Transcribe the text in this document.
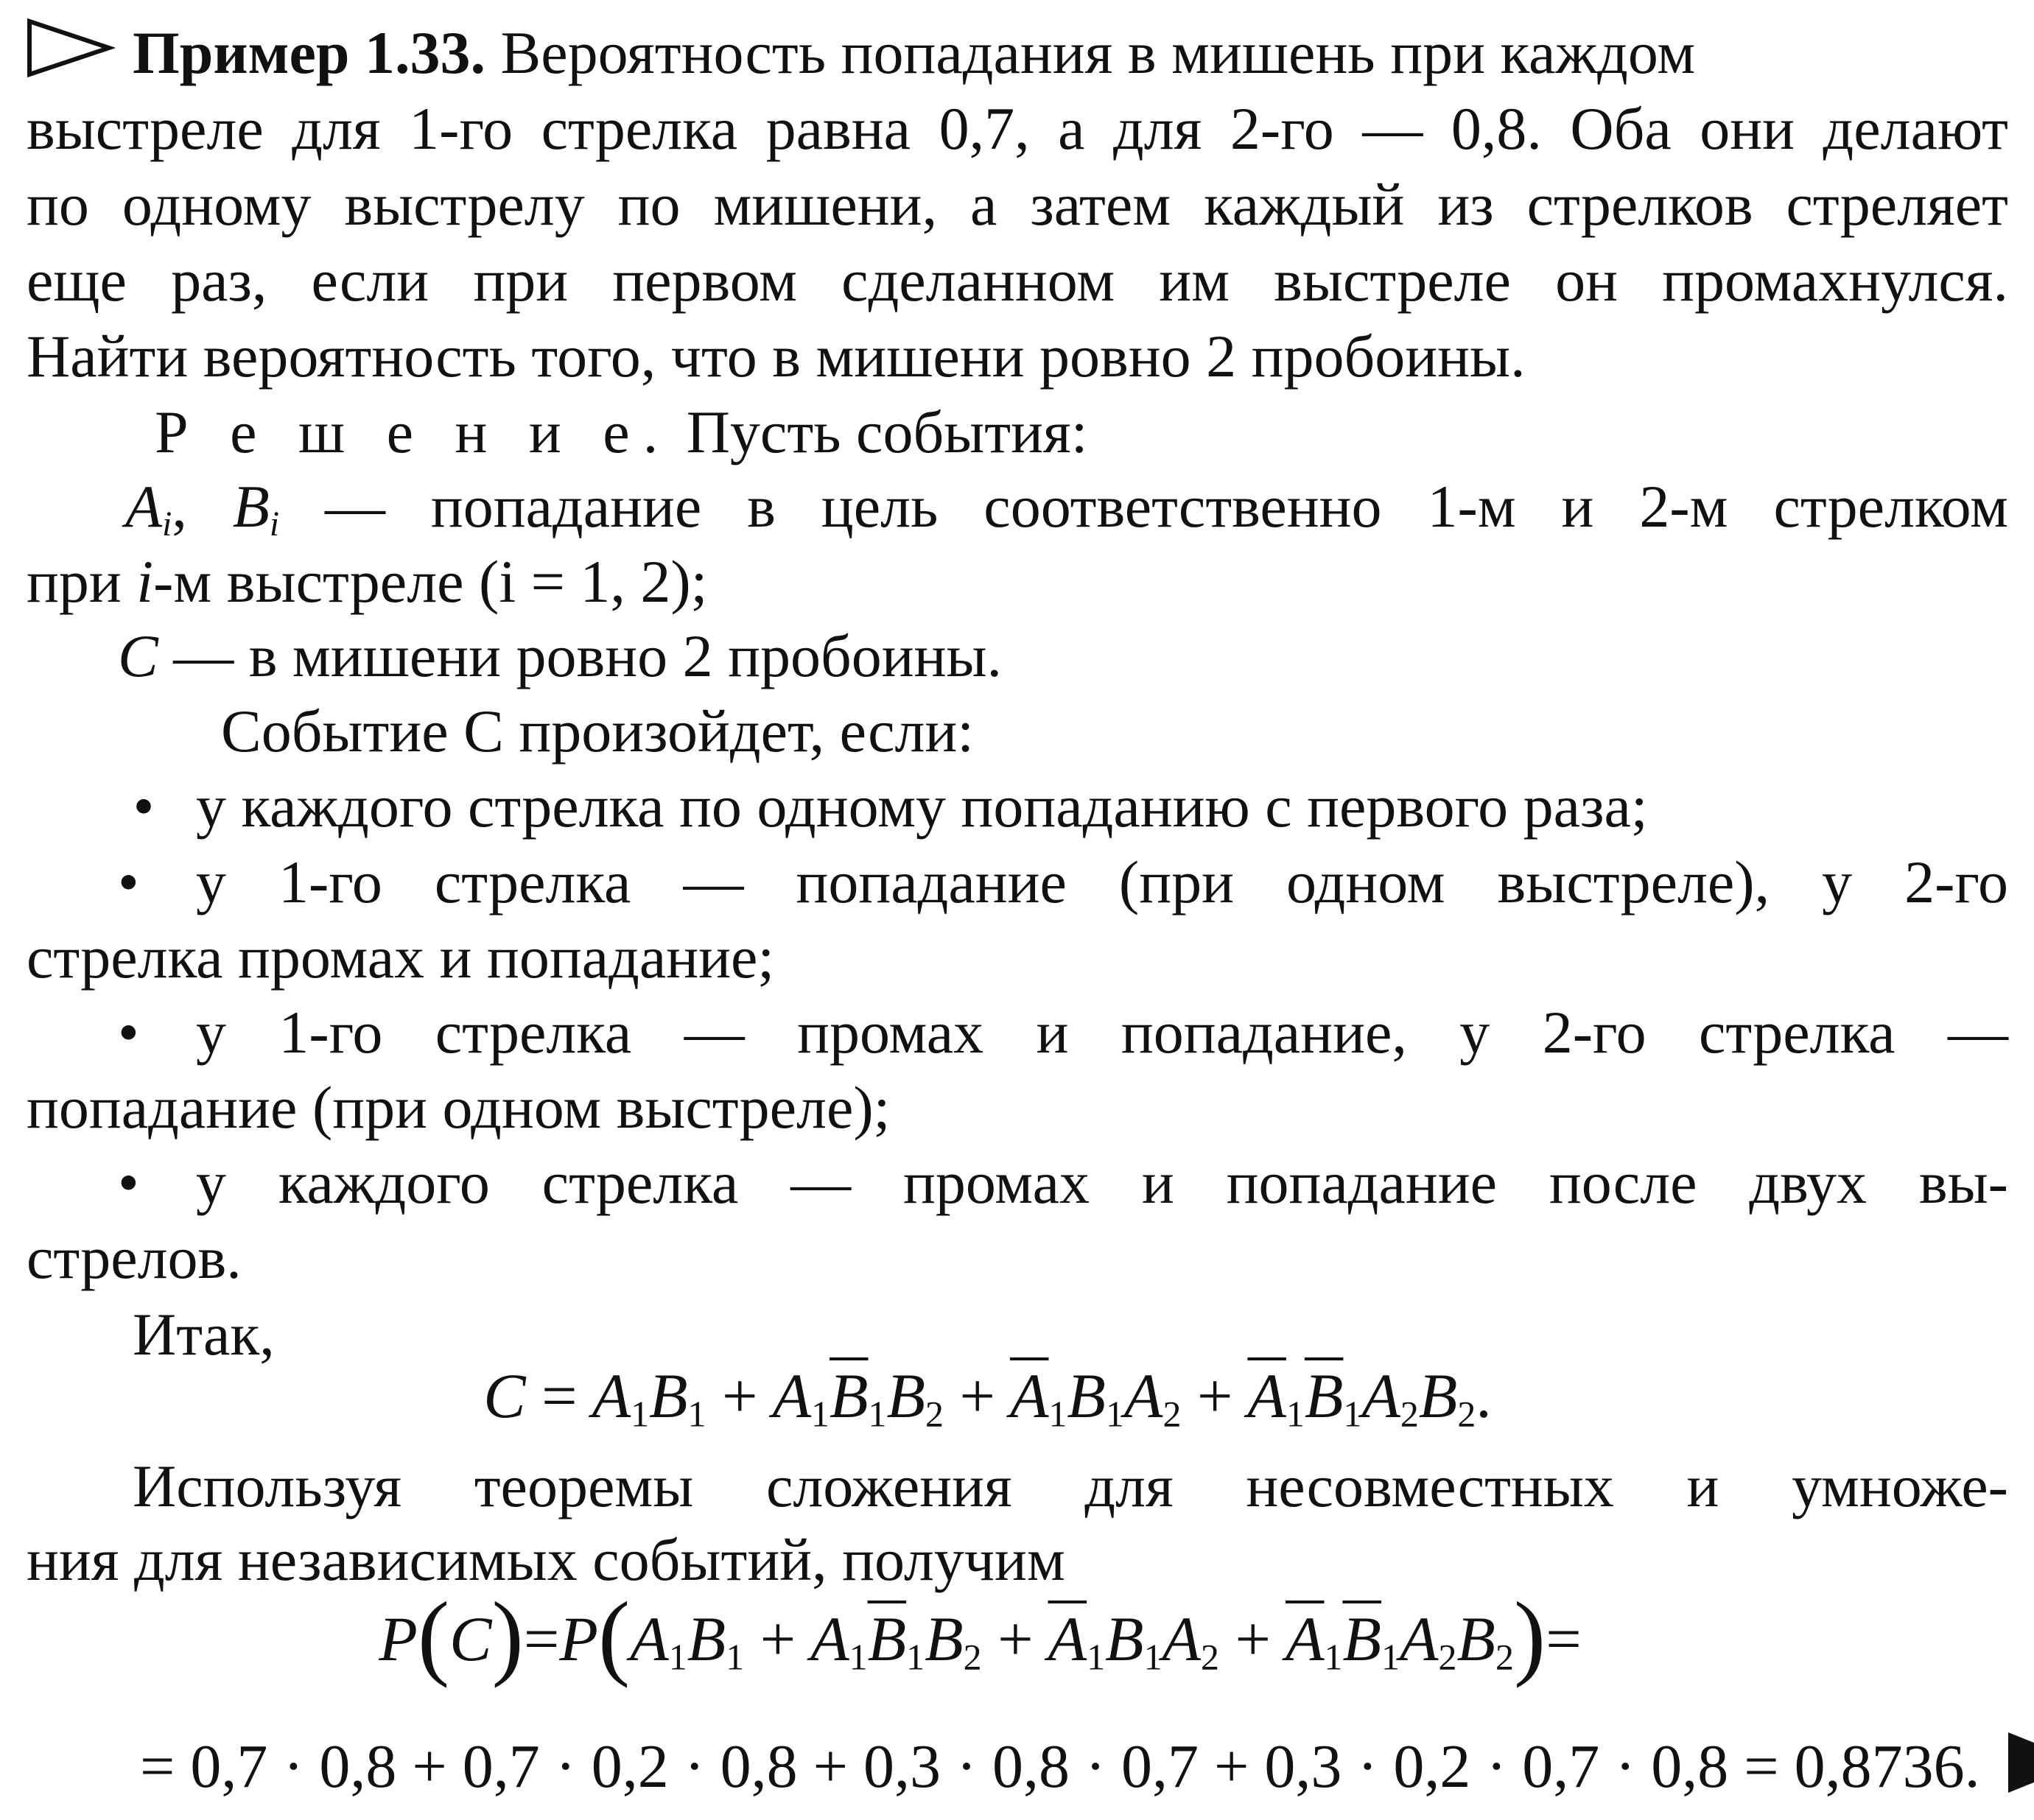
Пример 1.33. Вероятность попадания в мишень при каждом
выстреле для 1-го стрелка равна 0,7, а для 2-го — 0,8. Оба они делают
по одному выстрелу по мишени, а затем каждый из стрелков стреляет
еще раз, если при первом сделанном им выстреле он промахнулся.
Найти вероятность того, что в мишени ровно 2 пробоины.
Р е ш е н и е. Пусть события:
$A_i$, $B_i$ — попадание в цель соответственно 1-м и 2-м стрелком
при i-м выстреле (i = 1, 2);
C — в мишени ровно 2 пробоины.
Событие C произойдет, если:
• у каждого стрелка по одному попаданию с первого раза;
• у 1-го стрелка — попадание (при одном выстреле), у 2-го
стрелка промах и попадание;
• у 1-го стрелка — промах и попадание, у 2-го стрелка —
попадание (при одном выстреле);
• у каждого стрелка — промах и попадание после двух вы-
стрелов.
Итак,
$C = A_1B_1 + A_1\overline{B}_1B_2 + \overline{A}_1B_1A_2 + \overline{A}_1\overline{B}_1A_2B_2$.
Используя теоремы сложения для несовместных и умноже-
ния для независимых событий, получим
$P(C)=P(A_1B_1 + A_1\overline{B}_1B_2 + \overline{A}_1B_1A_2 + \overline{A}_1\overline{B}_1A_2B_2)=$
= 0,7 · 0,8 + 0,7 · 0,2 · 0,8 + 0,3 · 0,8 · 0,7 + 0,3 · 0,2 · 0,7 · 0,8 = 0,8736.
